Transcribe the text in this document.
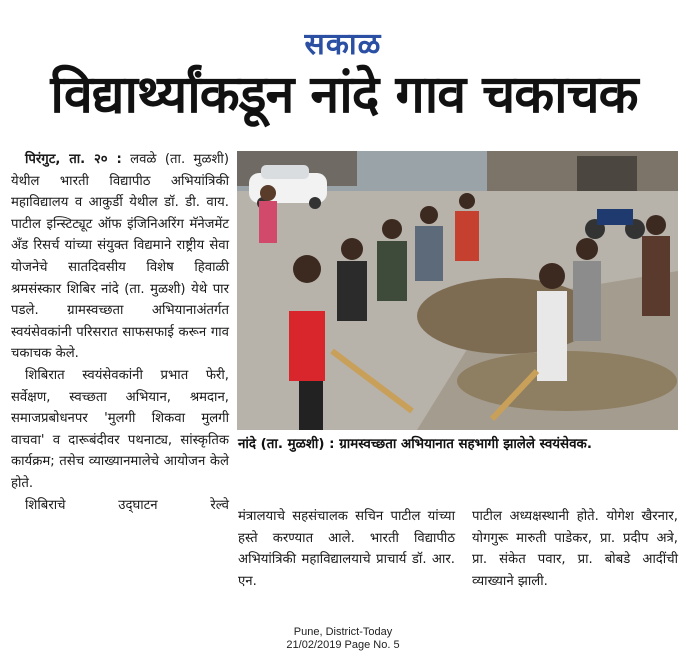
सकाळ
विद्यार्थ्यांकडून नांदे गाव चकाचक

पिरंगुट, ता. २० : लवळे (ता. मुळशी) येथील भारती विद्यापीठ अभियांत्रिकी महाविद्यालय व आकुर्डी येथील डॉ. डी. वाय. पाटील इन्स्टिट्यूट ऑफ इंजिनिअरिंग मॅनेजमेंट अँड रिसर्च यांच्या संयुक्त विद्यमाने राष्ट्रीय सेवा योजनेचे सातदिवसीय विशेष हिवाळी श्रमसंस्कार शिबिर नांदे (ता. मुळशी) येथे पार पडले. ग्रामस्वच्छता अभियानाअंतर्गत स्वयंसेवकांनी परिसरात साफसफाई करून गाव चकाचक केले.

शिबिरात स्वयंसेवकांनी प्रभात फेरी, सर्वेक्षण, स्वच्छता अभियान, श्रमदान, समाजप्रबोधनपर 'मुलगी शिकवा मुलगी वाचवा' व दारूबंदीवर पथनाट्य, सांस्कृतिक कार्यक्रम; तसेच व्याख्यानमालेचे आयोजन केले होते.

शिबिराचे उद्‌घाटन रेल्वे

नांदे (ता. मुळशी) : ग्रामस्वच्छता अभियानात सहभागी झालेले स्वयंसेवक.

मंत्रालयाचे सहसंचालक सचिन पाटील यांच्या हस्ते करण्यात आले. भारती विद्यापीठ अभियांत्रिकी महाविद्यालयाचे प्राचार्य डॉ. आर. एन.

पाटील अध्यक्षस्थानी होते. योगेश खैरनार, योगगुरू मारुती पाडेकर, प्रा. प्रदीप अत्रे, प्रा. संकेत पवार, प्रा. बोबडे आदींची व्याख्याने झाली.

Pune, District-Today
21/02/2019 Page No. 5
